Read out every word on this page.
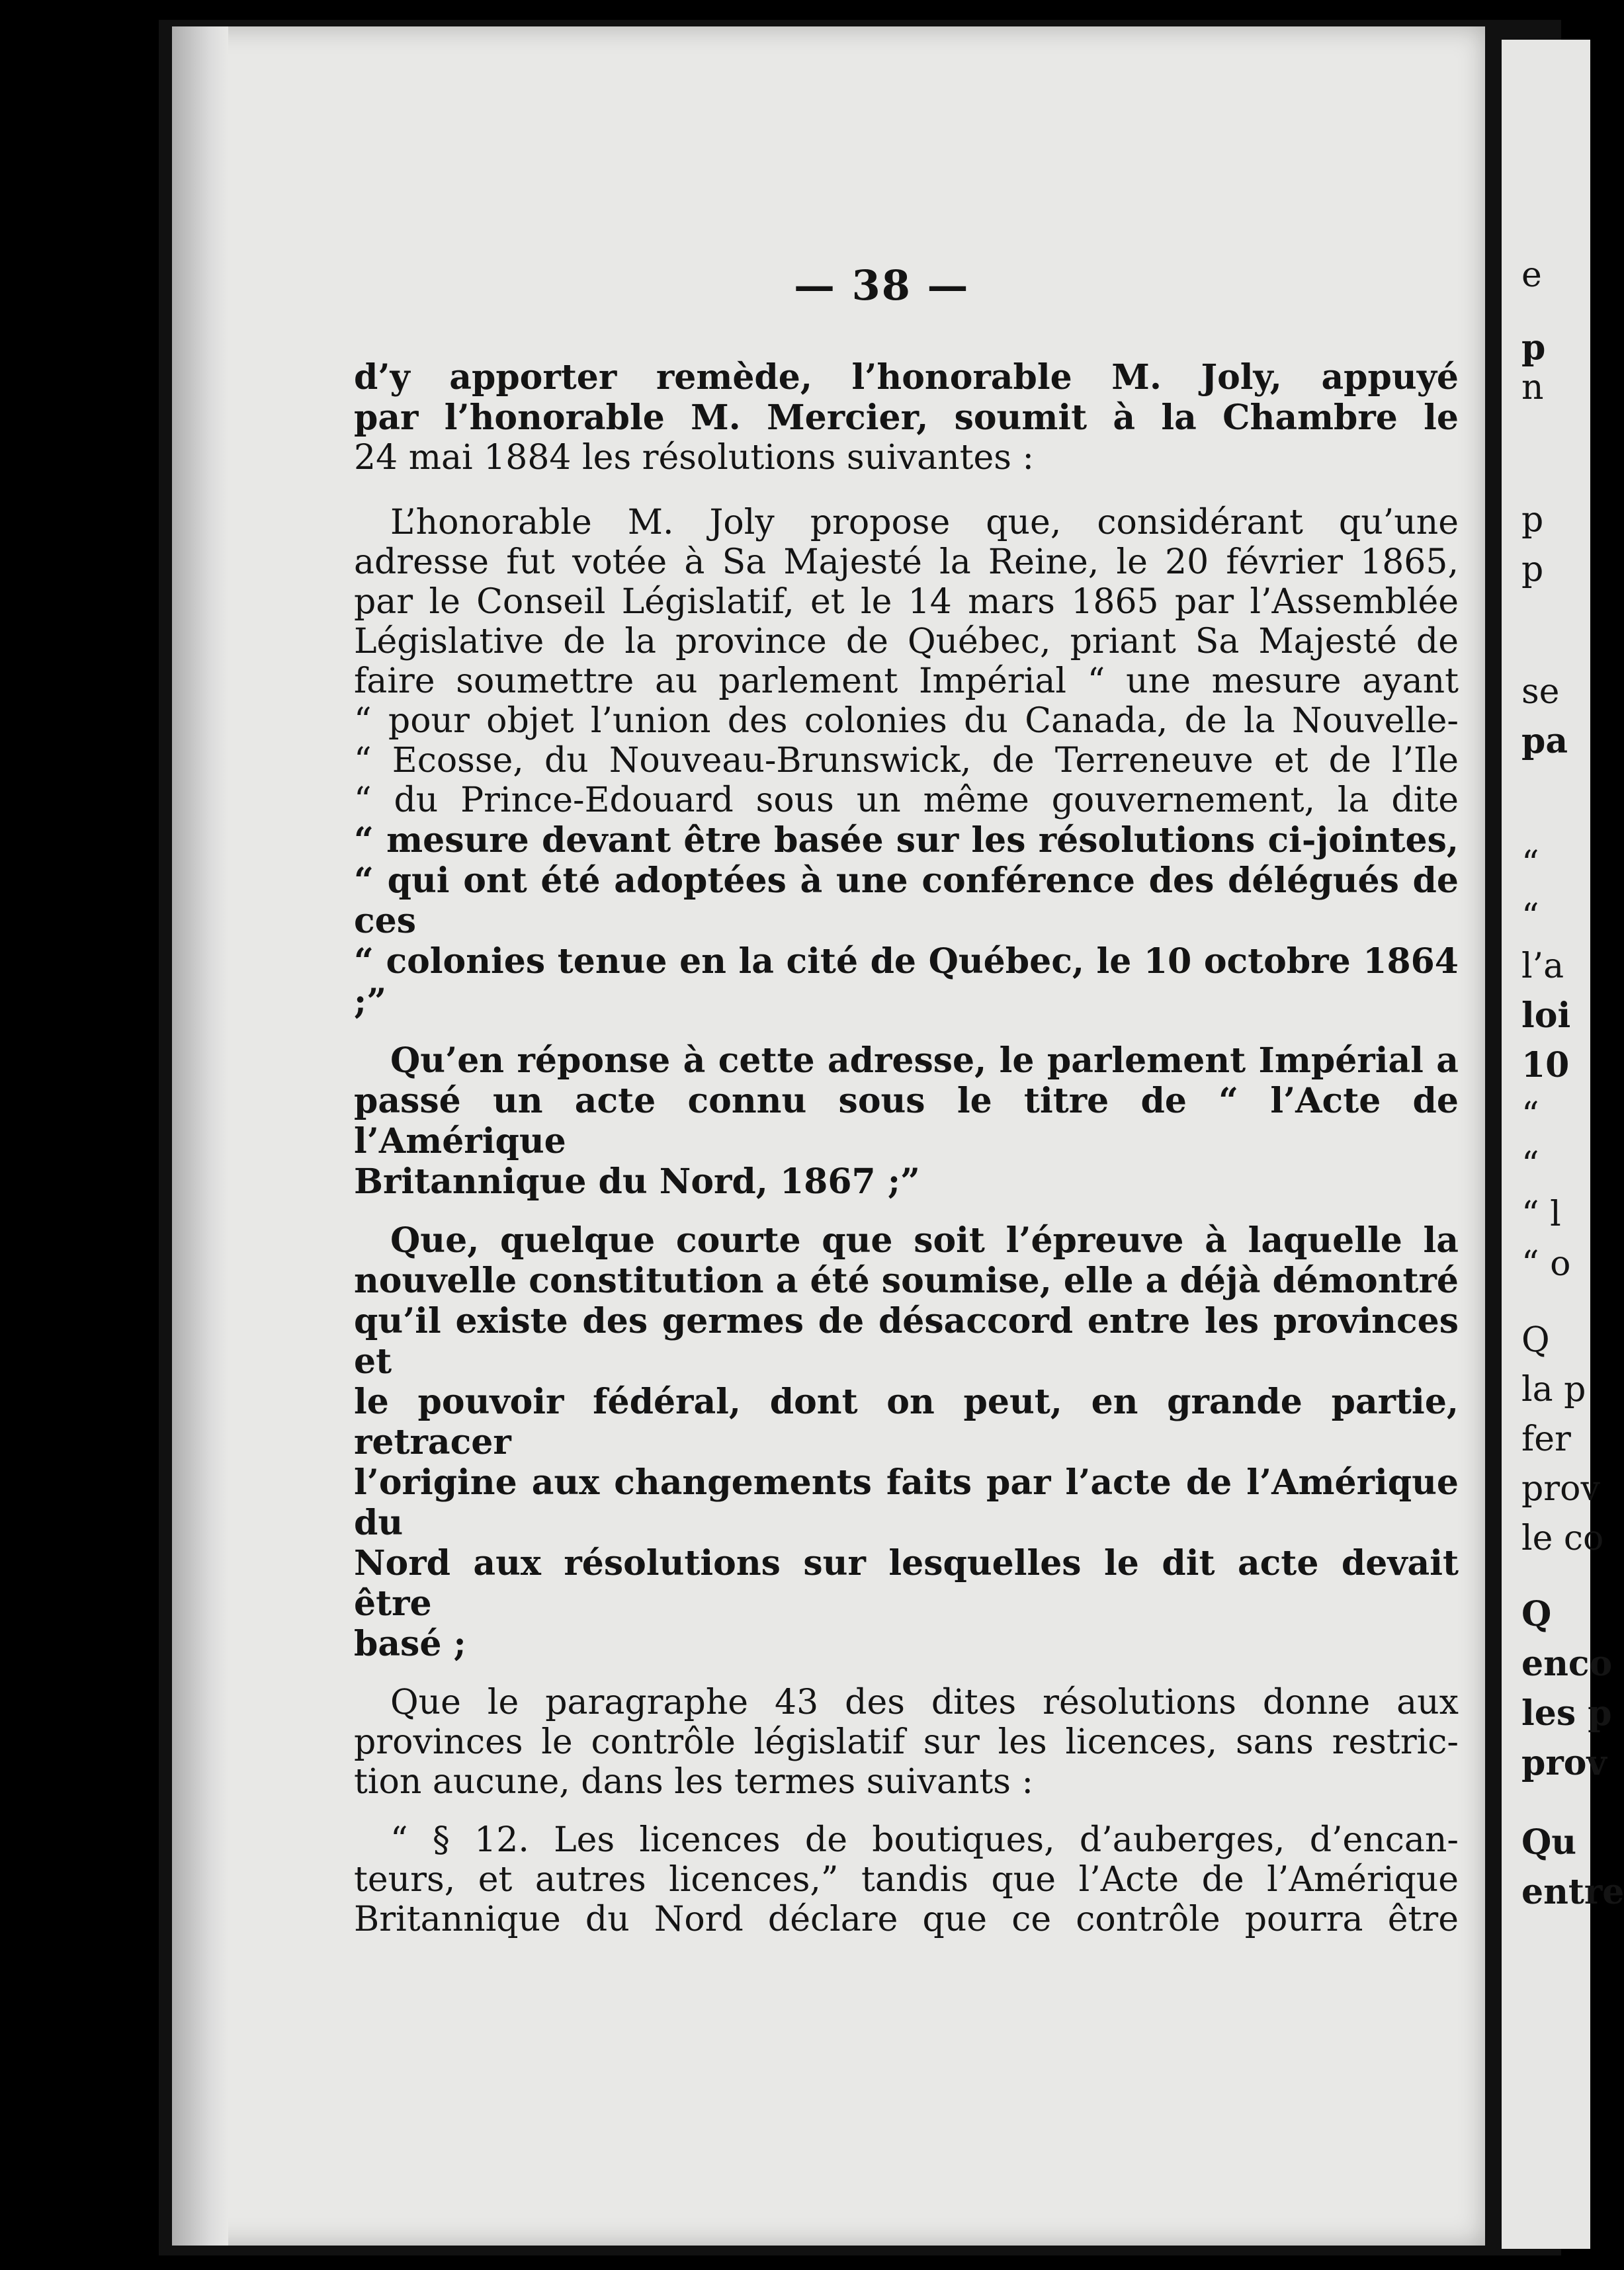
— 38 —
d’y apporter remède, l’honorable M. Joly, appuyé
par l’honorable M. Mercier, soumit à la Chambre le
24 mai 1884 les résolutions suivantes :
L’honorable M. Joly propose que, considérant qu’une
adresse fut votée à Sa Majesté la Reine, le 20 février 1865,
par le Conseil Législatif, et le 14 mars 1865 par l’Assemblée
Législative de la province de Québec, priant Sa Majesté de
faire soumettre au parlement Impérial “ une mesure ayant
“ pour objet l’union des colonies du Canada, de la Nouvelle-
“ Ecosse, du Nouveau-Brunswick, de Terreneuve et de l’Ile
“ du Prince-Edouard sous un même gouvernement, la dite
“ mesure devant être basée sur les résolutions ci-jointes,
“ qui ont été adoptées à une conférence des délégués de ces
“ colonies tenue en la cité de Québec, le 10 octobre 1864 ;”
Qu’en réponse à cette adresse, le parlement Impérial a
passé un acte connu sous le titre de “ l’Acte de l’Amérique
Britannique du Nord, 1867 ;”
Que, quelque courte que soit l’épreuve à laquelle la
nouvelle constitution a été soumise, elle a déjà démontré
qu’il existe des germes de désaccord entre les provinces et
le pouvoir fédéral, dont on peut, en grande partie, retracer
l’origine aux changements faits par l’acte de l’Amérique du
Nord aux résolutions sur lesquelles le dit acte devait être
basé ;
Que le paragraphe 43 des dites résolutions donne aux
provinces le contrôle législatif sur les licences, sans restric-
tion aucune, dans les termes suivants :
“ § 12. Les licences de boutiques, d’auberges, d’encan-
teurs, et autres licences,” tandis que l’Acte de l’Amérique
Britannique du Nord déclare que ce contrôle pourra être
e
p
n
p
p
se
pa
“
“
l’a
loi
10
“
“
“ l
“ o
Q
la p
fer
prov
le co
Q
enco
les p
prov
Qu
entre
